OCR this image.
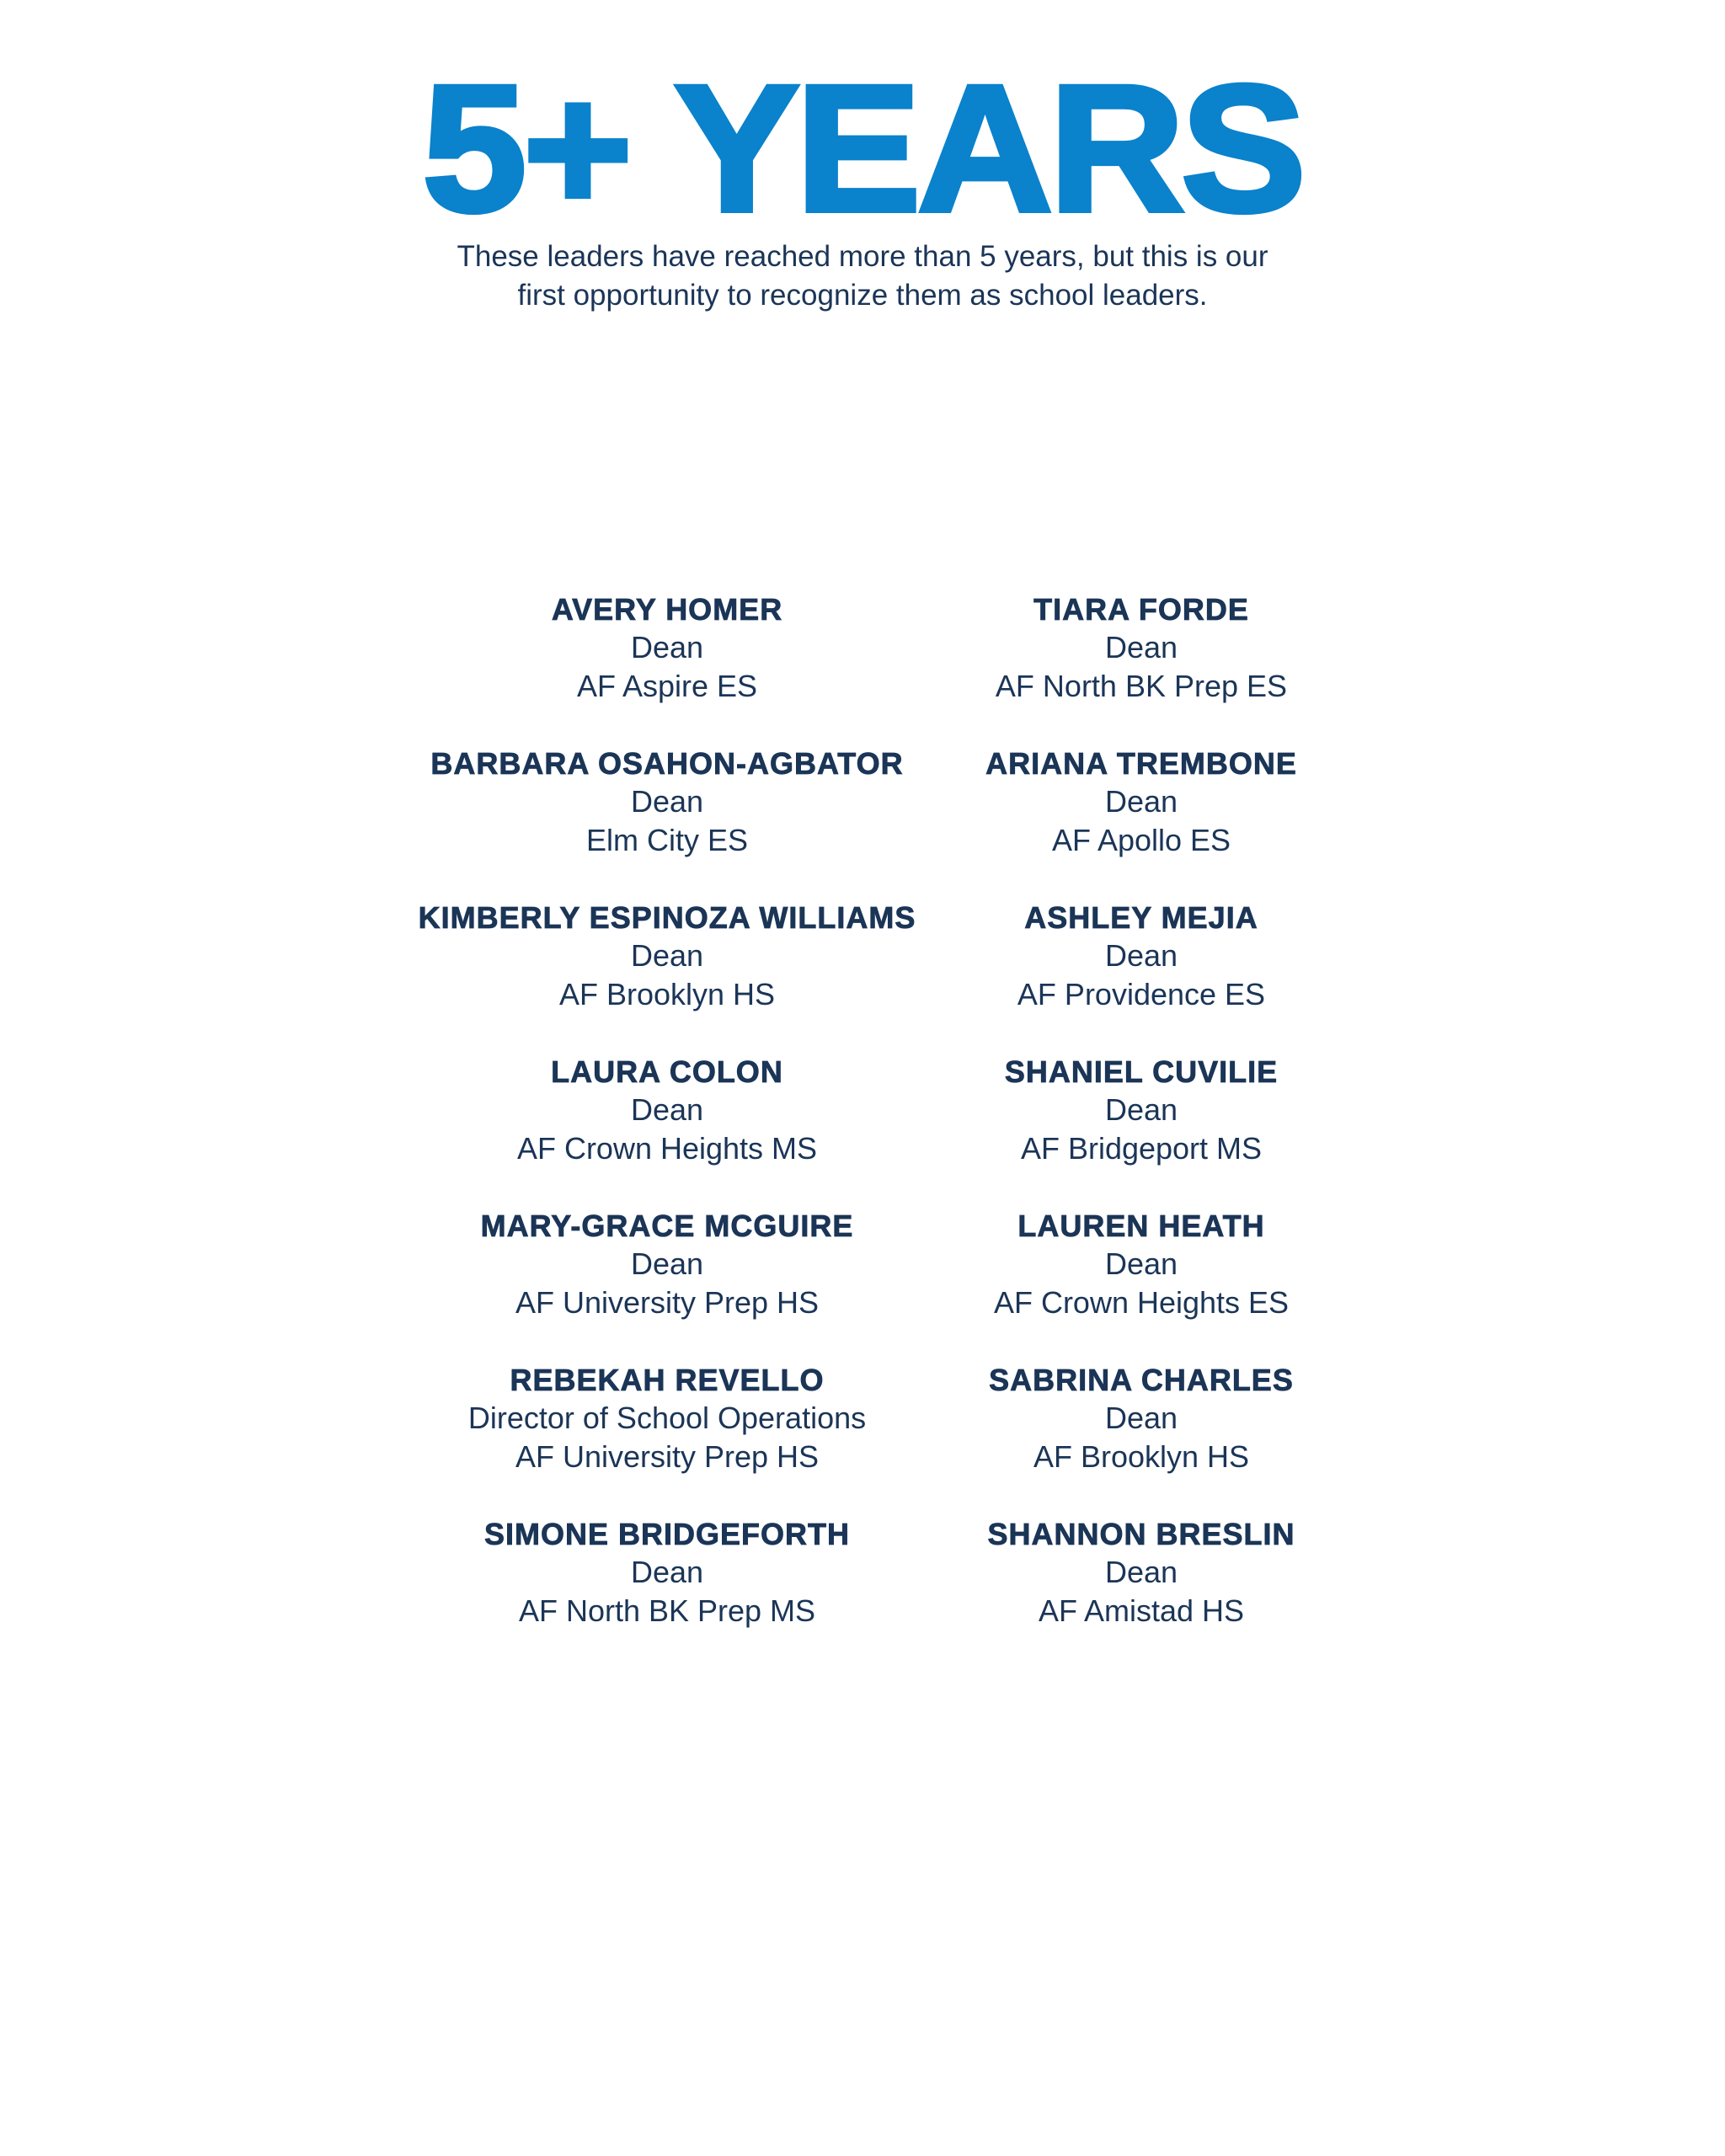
5+ YEARS
These leaders have reached more than 5 years, but this is our
first opportunity to recognize them as school leaders.
AVERY HOMER
Dean
AF Aspire ES
BARBARA OSAHON-AGBATOR
Dean
Elm City ES
KIMBERLY ESPINOZA WILLIAMS
Dean
AF Brooklyn HS
LAURA COLON
Dean
AF Crown Heights MS
MARY-GRACE MCGUIRE
Dean
AF University Prep HS
REBEKAH REVELLO
Director of School Operations
AF University Prep HS
SIMONE BRIDGEFORTH
Dean
AF North BK Prep MS
TIARA FORDE
Dean
AF North BK Prep ES
ARIANA TREMBONE
Dean
AF Apollo ES
ASHLEY MEJIA
Dean
AF Providence ES
SHANIEL CUVILIE
Dean
AF Bridgeport MS
LAUREN HEATH
Dean
AF Crown Heights ES
SABRINA CHARLES
Dean
AF Brooklyn HS
SHANNON BRESLIN
Dean
AF Amistad HS
